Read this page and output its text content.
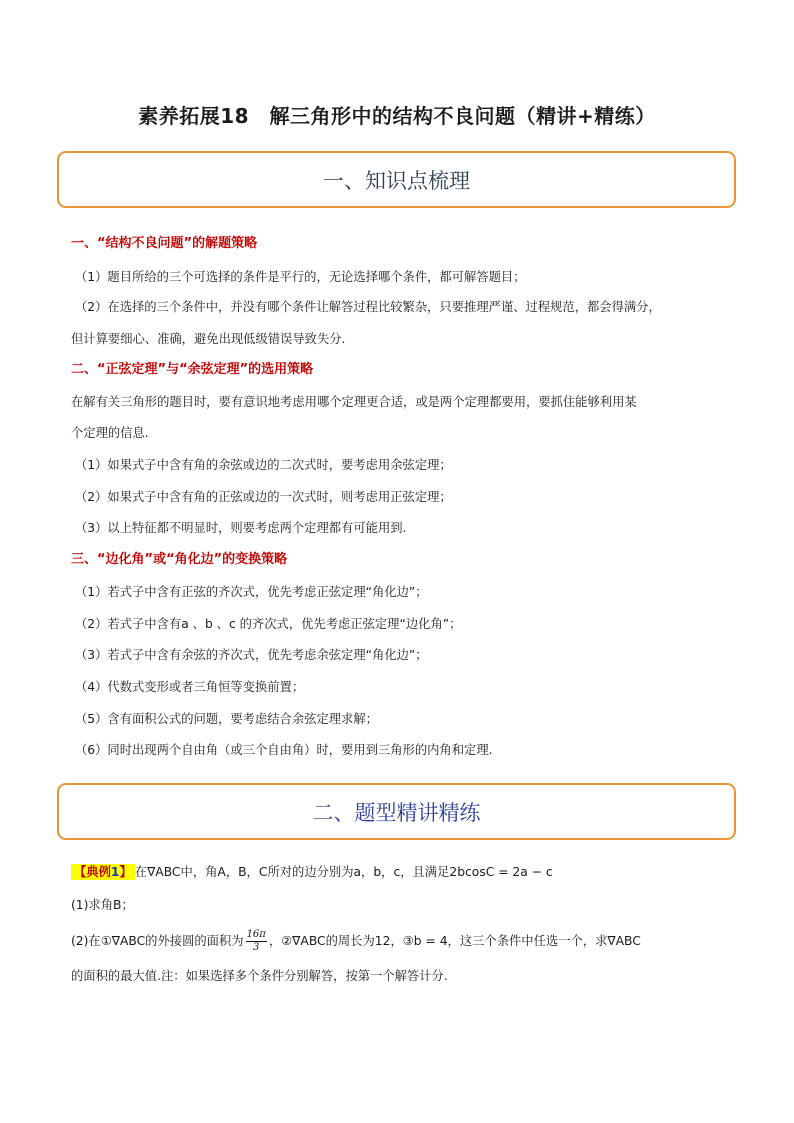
素养拓展18　解三角形中的结构不良问题（精讲+精练）
一、知识点梳理
一、“结构不良问题”的解题策略
（1）题目所给的三个可选择的条件是平行的，无论选择哪个条件，都可解答题目；
（2）在选择的三个条件中，并没有哪个条件让解答过程比较繁杂，只要推理严谨、过程规范，都会得满分，
但计算要细心、准确，避免出现低级错误导致失分.
二、“正弦定理”与“余弦定理”的选用策略
在解有关三角形的题目时，要有意识地考虑用哪个定理更合适，或是两个定理都要用，要抓住能够利用某
个定理的信息.
（1）如果式子中含有角的余弦或边的二次式时，要考虑用余弦定理；
（2）如果式子中含有角的正弦或边的一次式时，则考虑用正弦定理；
（3）以上特征都不明显时，则要考虑两个定理都有可能用到.
三、“边化角”或“角化边”的变换策略
（1）若式子中含有正弦的齐次式，优先考虑正弦定理“角化边”；
（2）若式子中含有a 、b 、c 的齐次式，优先考虑正弦定理“边化角”；
（3）若式子中含有余弦的齐次式，优先考虑余弦定理“角化边”；
（4）代数式变形或者三角恒等变换前置；
（5）含有面积公式的问题，要考虑结合余弦定理求解；
（6）同时出现两个自由角（或三个自由角）时，要用到三角形的内角和定理.
二、题型精讲精练
【典例1】 在∇ABC中，角A，B，C所对的边分别为a，b，c，且满足2bcosC = 2a − c
(1)求角B；
(2)在①∇ABC的外接圆的面积为 $\frac{16\pi}{3}$ ，②∇ABC的周长为12，③b = 4，这三个条件中任选一个，求∇ABC
的面积的最大值.注：如果选择多个条件分别解答，按第一个解答计分.
